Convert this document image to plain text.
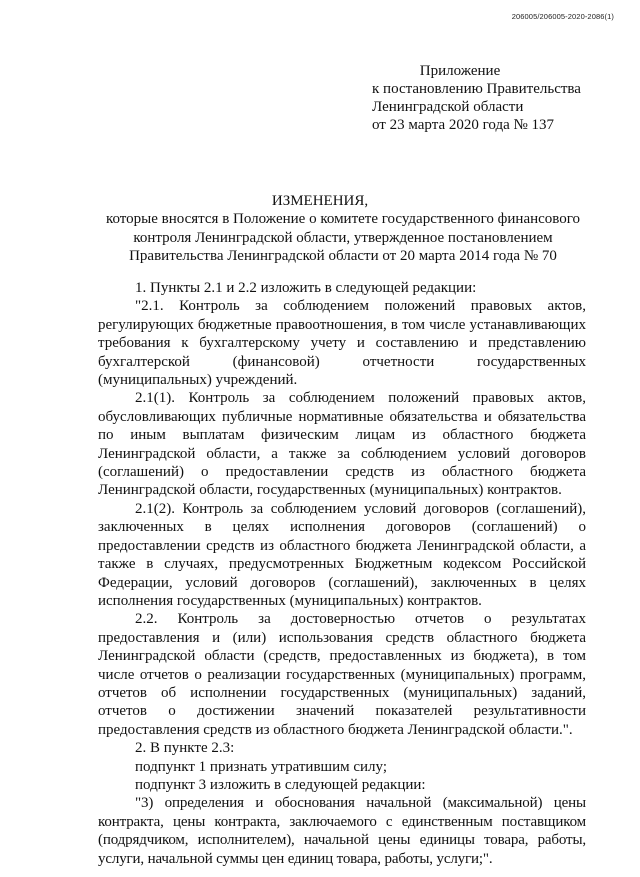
206005/206005-2020-2086(1)
Приложение
к постановлению Правительства
Ленинградской области
от 23 марта 2020 года № 137
ИЗМЕНЕНИЯ,
которые вносятся в Положение о комитете государственного финансового контроля Ленинградской области, утвержденное постановлением Правительства Ленинградской области от 20 марта 2014 года № 70

1. Пункты 2.1 и 2.2 изложить в следующей редакции:

"2.1. Контроль за соблюдением положений правовых актов, регулирующих бюджетные правоотношения, в том числе устанавливающих требования к бухгалтерскому учету и составлению и представлению бухгалтерской (финансовой) отчетности государственных (муниципальных) учреждений.

2.1(1). Контроль за соблюдением положений правовых актов, обусловливающих публичные нормативные обязательства и обязательства по иным выплатам физическим лицам из областного бюджета Ленинградской области, а также за соблюдением условий договоров (соглашений) о предоставлении средств из областного бюджета Ленинградской области, государственных (муниципальных) контрактов.

2.1(2). Контроль за соблюдением условий договоров (соглашений), заключенных в целях исполнения договоров (соглашений) о предоставлении средств из областного бюджета Ленинградской области, а также в случаях, предусмотренных Бюджетным кодексом Российской Федерации, условий договоров (соглашений), заключенных в целях исполнения государственных (муниципальных) контрактов.

2.2. Контроль за достоверностью отчетов о результатах предоставления и (или) использования средств областного бюджета Ленинградской области (средств, предоставленных из бюджета), в том числе отчетов о реализации государственных (муниципальных) программ, отчетов об исполнении государственных (муниципальных) заданий, отчетов о достижении значений показателей результативности предоставления средств из областного бюджета Ленинградской области.".

2. В пункте 2.3:

подпункт 1 признать утратившим силу;

подпункт 3 изложить в следующей редакции:

"3) определения и обоснования начальной (максимальной) цены контракта, цены контракта, заключаемого с единственным поставщиком (подрядчиком, исполнителем), начальной цены единицы товара, работы, услуги, начальной суммы цен единиц товара, работы, услуги;".
